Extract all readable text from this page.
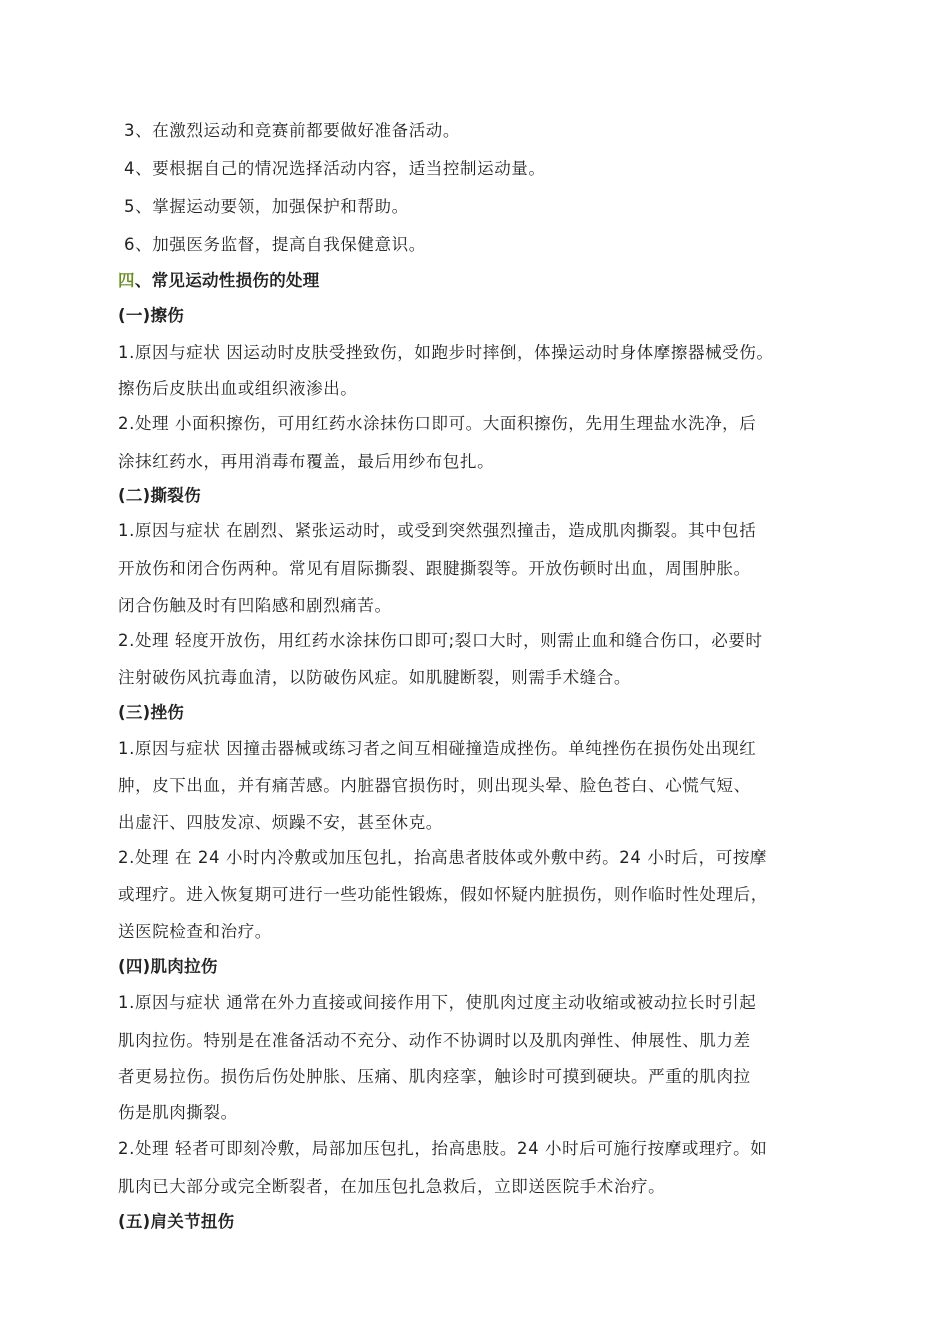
3、在激烈运动和竞赛前都要做好准备活动。
4、要根据自己的情况选择活动内容，适当控制运动量。
5、掌握运动要领，加强保护和帮助。
6、加强医务监督，提高自我保健意识。
四、常见运动性损伤的处理
(一)擦伤
1.原因与症状 因运动时皮肤受挫致伤，如跑步时摔倒，体操运动时身体摩擦器械受伤。
擦伤后皮肤出血或组织液渗出。
2.处理 小面积擦伤，可用红药水涂抹伤口即可。大面积擦伤，先用生理盐水洗净，后
涂抹红药水，再用消毒布覆盖，最后用纱布包扎。
(二)撕裂伤
1.原因与症状 在剧烈、紧张运动时，或受到突然强烈撞击，造成肌肉撕裂。其中包括
开放伤和闭合伤两种。常见有眉际撕裂、跟腱撕裂等。开放伤顿时出血，周围肿胀。
闭合伤触及时有凹陷感和剧烈痛苦。
2.处理 轻度开放伤，用红药水涂抹伤口即可;裂口大时，则需止血和缝合伤口，必要时
注射破伤风抗毒血清，以防破伤风症。如肌腱断裂，则需手术缝合。
(三)挫伤
1.原因与症状 因撞击器械或练习者之间互相碰撞造成挫伤。单纯挫伤在损伤处出现红
肿，皮下出血，并有痛苦感。内脏器官损伤时，则出现头晕、脸色苍白、心慌气短、
出虚汗、四肢发凉、烦躁不安，甚至休克。
2.处理 在 24 小时内冷敷或加压包扎，抬高患者肢体或外敷中药。24 小时后，可按摩
或理疗。进入恢复期可进行一些功能性锻炼，假如怀疑内脏损伤，则作临时性处理后，
送医院检查和治疗。
(四)肌肉拉伤
1.原因与症状 通常在外力直接或间接作用下，使肌肉过度主动收缩或被动拉长时引起
肌肉拉伤。特别是在准备活动不充分、动作不协调时以及肌肉弹性、伸展性、肌力差
者更易拉伤。损伤后伤处肿胀、压痛、肌肉痉挛，触诊时可摸到硬块。严重的肌肉拉
伤是肌肉撕裂。
2.处理 轻者可即刻冷敷，局部加压包扎，抬高患肢。24 小时后可施行按摩或理疗。如
肌肉已大部分或完全断裂者，在加压包扎急救后，立即送医院手术治疗。
(五)肩关节扭伤
